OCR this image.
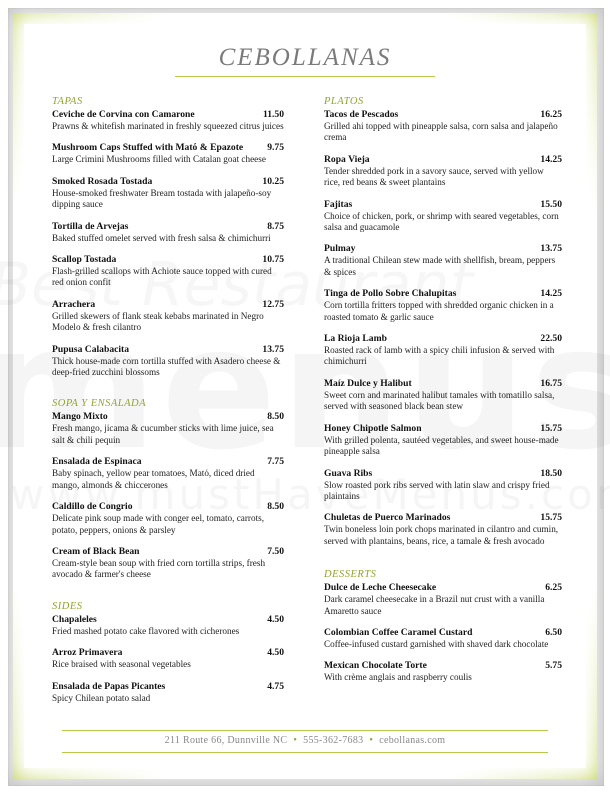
CEBOLLANAS
TAPAS
Ceviche de Corvina con Camarone	11.50
Prawns & whitefish marinated in freshly squeezed citrus juices
Mushroom Caps Stuffed with Matό & Epazote	9.75
Large Crimini Mushrooms filled with Catalan goat cheese
Smoked Rosada Tostada	10.25
House-smoked freshwater Bream tostada with jalapeño-soy dipping sauce
Tortilla de Arvejas	8.75
Baked stuffed omelet served with fresh salsa & chimichurri
Scallop Tostada	10.75
Flash-grilled scallops with Achiote sauce topped with cured red onion confit
Arrachera	12.75
Grilled skewers of flank steak kebabs marinated in Negro Modelo & fresh cilantro
Pupusa Calabacita	13.75
Thick house-made corn tortilla stuffed with Asadero cheese & deep-fried zucchini blossoms
SOPA Y ENSALADA
Mango Mixto	8.50
Fresh mango, jicama & cucumber sticks with lime juice, sea salt & chili pequin
Ensalada de Espinaca	7.75
Baby spinach, yellow pear tomatoes, Matό, diced dried mango, almonds & chiccerones
Caldillo de Congrio	8.50
Delicate pink soup made with conger eel, tomato, carrots, potato, peppers, onions & parsley
Cream of Black Bean	7.50
Cream-style bean soup with fried corn tortilla strips, fresh avocado & farmer's cheese
SIDES
Chapaleles	4.50
Fried mashed potato cake flavored with cicherones
Arroz Primavera	4.50
Rice braised with seasonal vegetables
Ensalada de Papas Picantes	4.75
Spicy Chilean potato salad
PLATOS
Tacos de Pescados	16.25
Grilled ahi topped with pineapple salsa, corn salsa and jalapeño crema
Ropa Vieja	14.25
Tender shredded pork in a savory sauce, served with yellow rice, red beans & sweet plantains
Fajitas	15.50
Choice of chicken, pork, or shrimp with seared vegetables, corn salsa and guacamole
Pulmay	13.75
A traditional Chilean stew made with shellfish, bream, peppers & spices
Tinga de Pollo Sobre Chalupitas	14.25
Corn tortilla fritters topped with shredded organic chicken in a roasted tomato & garlic sauce
La Rioja Lamb	22.50
Roasted rack of lamb with a spicy chili infusion & served with chimichurri
Maíz Dulce y Halibut	16.75
Sweet corn and marinated halibut tamales with tomatillo salsa, served with seasoned black bean stew
Honey Chipotle Salmon	15.75
With grilled polenta, sautéed vegetables, and sweet house-made pineapple salsa
Guava Ribs	18.50
Slow roasted pork ribs served with latin slaw and crispy fried plaintains
Chuletas de Puerco Marinados	15.75
Twin boneless loin pork chops marinated in cilantro and cumin, served with plantains, beans, rice, a tamale & fresh avocado
DESSERTS
Dulce de Leche Cheesecake	6.25
Dark caramel cheesecake in a Brazil nut crust with a vanilla Amaretto sauce
Colombian Coffee Caramel Custard	6.50
Coffee-infused custard garnished with shaved dark chocolate
Mexican Chocolate Torte	5.75
With crème anglais and raspberry coulis
211 Route 66, Dunnville NC • 555-362-7683 • cebollanas.com
